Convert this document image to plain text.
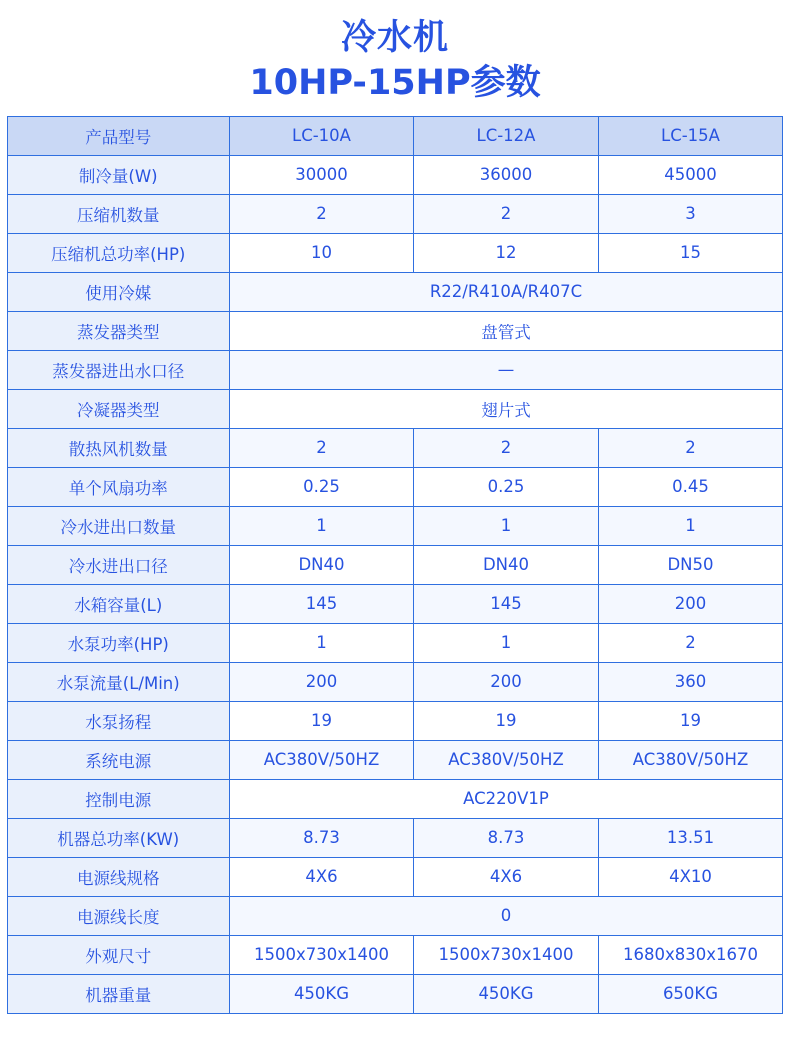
冷水机
10HP-15HP参数
产品型号	LC-10A	LC-12A	LC-15A
制冷量(W)	30000	36000	45000
压缩机数量	2	2	3
压缩机总功率(HP)	10	12	15
使用冷媒	R22/R410A/R407C		
蒸发器类型	盘管式		
蒸发器进出水口径	—		
冷凝器类型	翅片式		
散热风机数量	2	2	2
单个风扇功率	0.25	0.25	0.45
冷水进出口数量	1	1	1
冷水进出口径	DN40	DN40	DN50
水箱容量(L)	145	145	200
水泵功率(HP)	1	1	2
水泵流量(L/Min)	200	200	360
水泵扬程	19	19	19
系统电源	AC380V/50HZ	AC380V/50HZ	AC380V/50HZ
控制电源	AC220V1P		
机器总功率(KW)	8.73	8.73	13.51
电源线规格	4X6	4X6	4X10
电源线长度	0		
外观尺寸	1500x730x1400	1500x730x1400	1680x830x1670
机器重量	450KG	450KG	650KG
